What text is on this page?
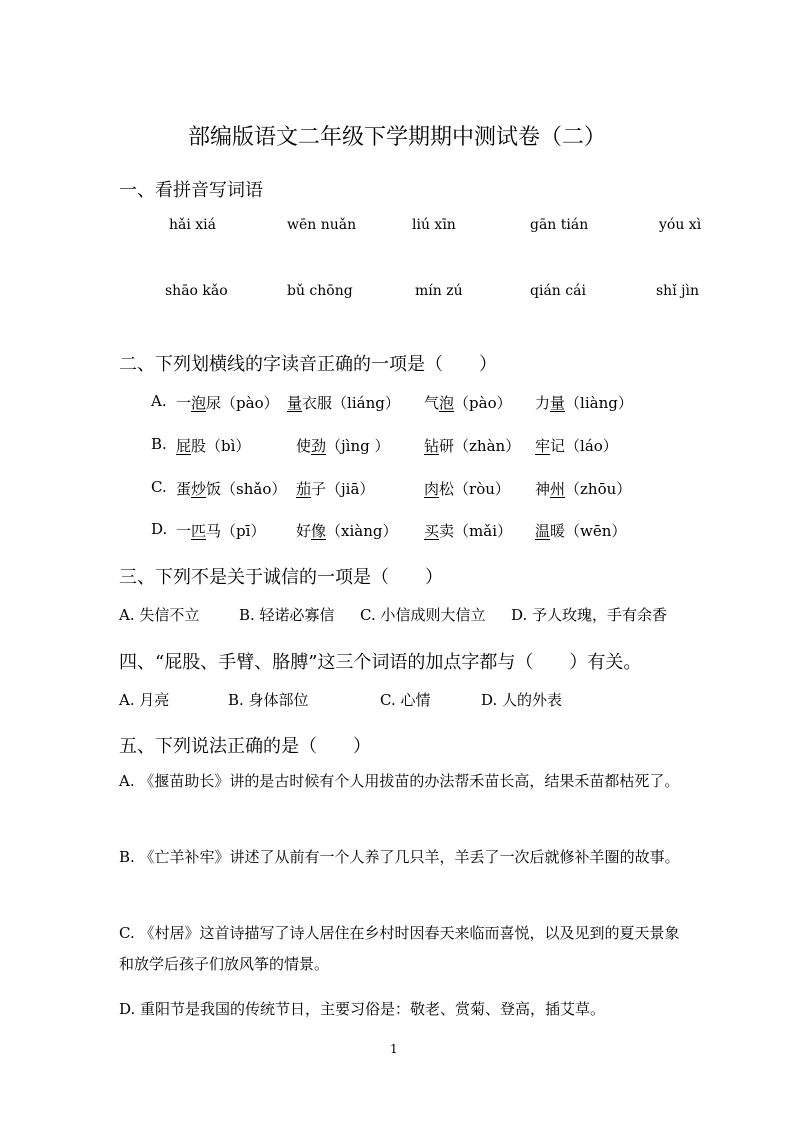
部编版语文二年级下学期期中测试卷（二）
一、看拼音写词语
hǎi xiá	wēn nuǎn	liú xīn	gān tián	yóu xì
shāo kǎo	bǔ chōng	mín zú	qián cái	shǐ jìn
二、下列划横线的字读音正确的一项是（　　）
A. 一泡尿（pào） 量衣服（liáng） 气泡（pào） 力量（liàng）
B. 屁股（bì）	使劲（jìng ） 钻研（zhàn） 牢记（láo）
C. 蛋炒饭（shǎo） 茄子（jiā）	肉松（ròu） 神州（zhōu）
D. 一匹马（pī） 好像（xiàng） 买卖（mǎi） 温暖（wēn）
三、下列不是关于诚信的一项是（　　）
A. 失信不立	B. 轻诺必寡信 C. 小信成则大信立 D. 予人玫瑰，手有余香
四、“屁股、手臂、胳膊”这三个词语的加点字都与（　　）有关。
A. 月亮	B. 身体部位	C. 心情	D. 人的外表
五、下列说法正确的是（　　）
A. 《揠苗助长》讲的是古时候有个人用拔苗的办法帮禾苗长高，结果禾苗都枯死了。
B. 《亡羊补牢》讲述了从前有一个人养了几只羊，羊丢了一次后就修补羊圈的故事。
C. 《村居》这首诗描写了诗人居住在乡村时因春天来临而喜悦，以及见到的夏天景象和放学后孩子们放风筝的情景。
D. 重阳节是我国的传统节日，主要习俗是：敬老、赏菊、登高，插艾草。
1
